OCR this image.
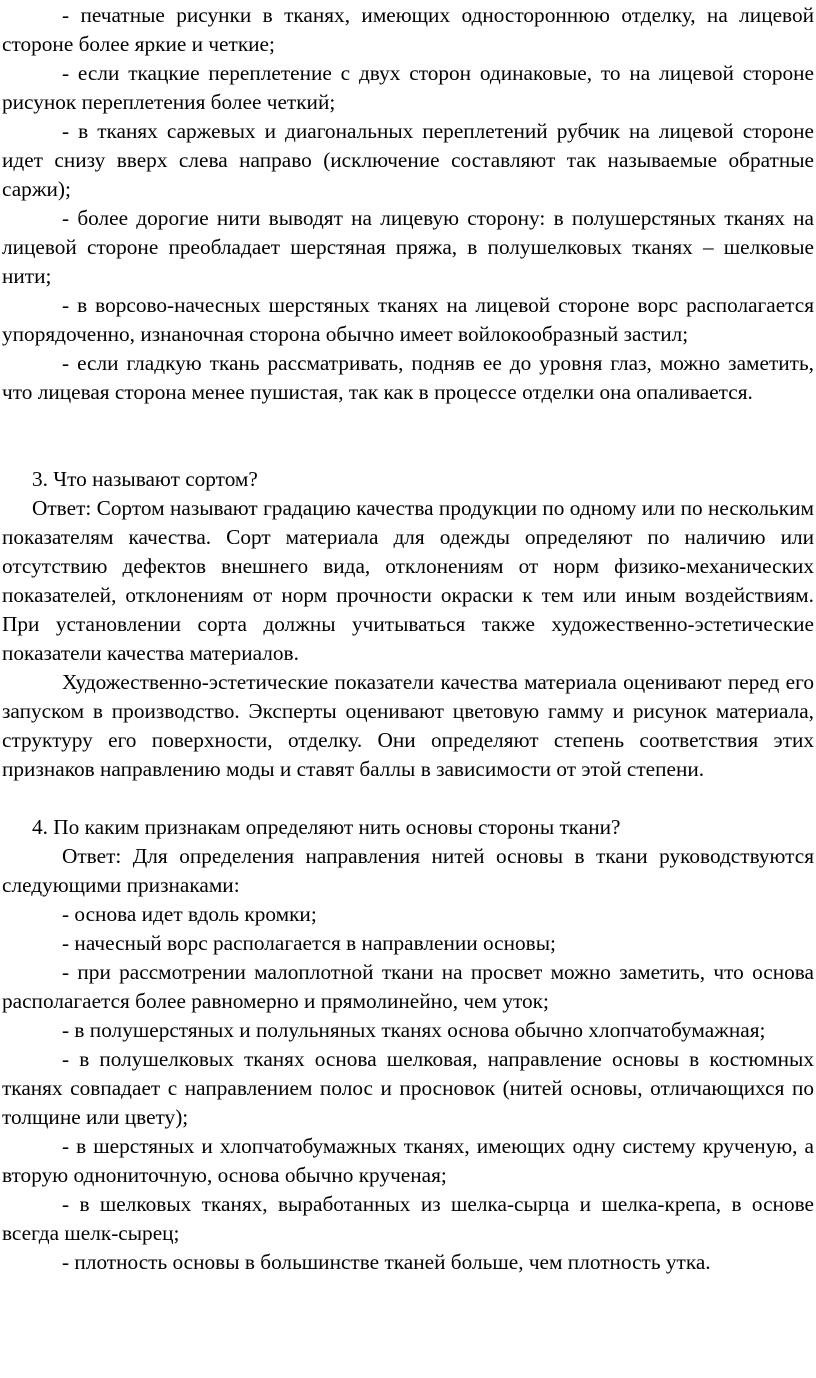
- печатные рисунки в тканях, имеющих одностороннюю отделку, на лицевой стороне более яркие и четкие;

- если ткацкие переплетение с двух сторон одинаковые, то на лицевой стороне рисунок переплетения более четкий;

- в тканях саржевых и диагональных переплетений рубчик на лицевой стороне идет снизу вверх слева направо (исключение составляют так называемые обратные саржи);

- более дорогие нити выводят на лицевую сторону: в полушерстяных тканях на лицевой стороне преобладает шерстяная пряжа, в полушелковых тканях – шелковые нити;

- в ворсово-начесных шерстяных тканях на лицевой стороне ворс располагается упорядоченно, изнаночная сторона обычно имеет войлокообразный застил;

- если гладкую ткань рассматривать, подняв ее до уровня глаз, можно заметить, что лицевая сторона менее пушистая, так как в процессе отделки она опаливается.

3. Что называют сортом?

Ответ: Сортом называют градацию качества продукции по одному или по нескольким показателям качества. Сорт материала для одежды определяют по наличию или отсутствию дефектов внешнего вида, отклонениям от норм физико-механических показателей, отклонениям от норм прочности окраски к тем или иным воздействиям. При установлении сорта должны учитываться также художественно-эстетические показатели качества материалов.

Художественно-эстетические показатели качества материала оценивают перед его запуском в производство. Эксперты оценивают цветовую гамму и рисунок материала, структуру его поверхности, отделку. Они определяют степень соответствия этих признаков направлению моды и ставят баллы в зависимости от этой степени.

4. По каким признакам определяют нить основы стороны ткани?

Ответ: Для определения направления нитей основы в ткани руководствуются следующими признаками:

- основа идет вдоль кромки;

- начесный ворс располагается в направлении основы;

- при рассмотрении малоплотной ткани на просвет можно заметить, что основа располагается более равномерно и прямолинейно, чем уток;

- в полушерстяных и полульняных тканях основа обычно хлопчатобумажная;

- в полушелковых тканях основа шелковая, направление основы в костюмных тканях совпадает с направлением полос и просновок (нитей основы, отличающихся по толщине или цвету);

- в шерстяных и хлопчатобумажных тканях, имеющих одну систему крученую, а вторую однониточную, основа обычно крученая;

- в шелковых тканях, выработанных из шелка-сырца и шелка-крепа, в основе всегда шелк-сырец;

- плотность основы в большинстве тканей больше, чем плотность утка.
